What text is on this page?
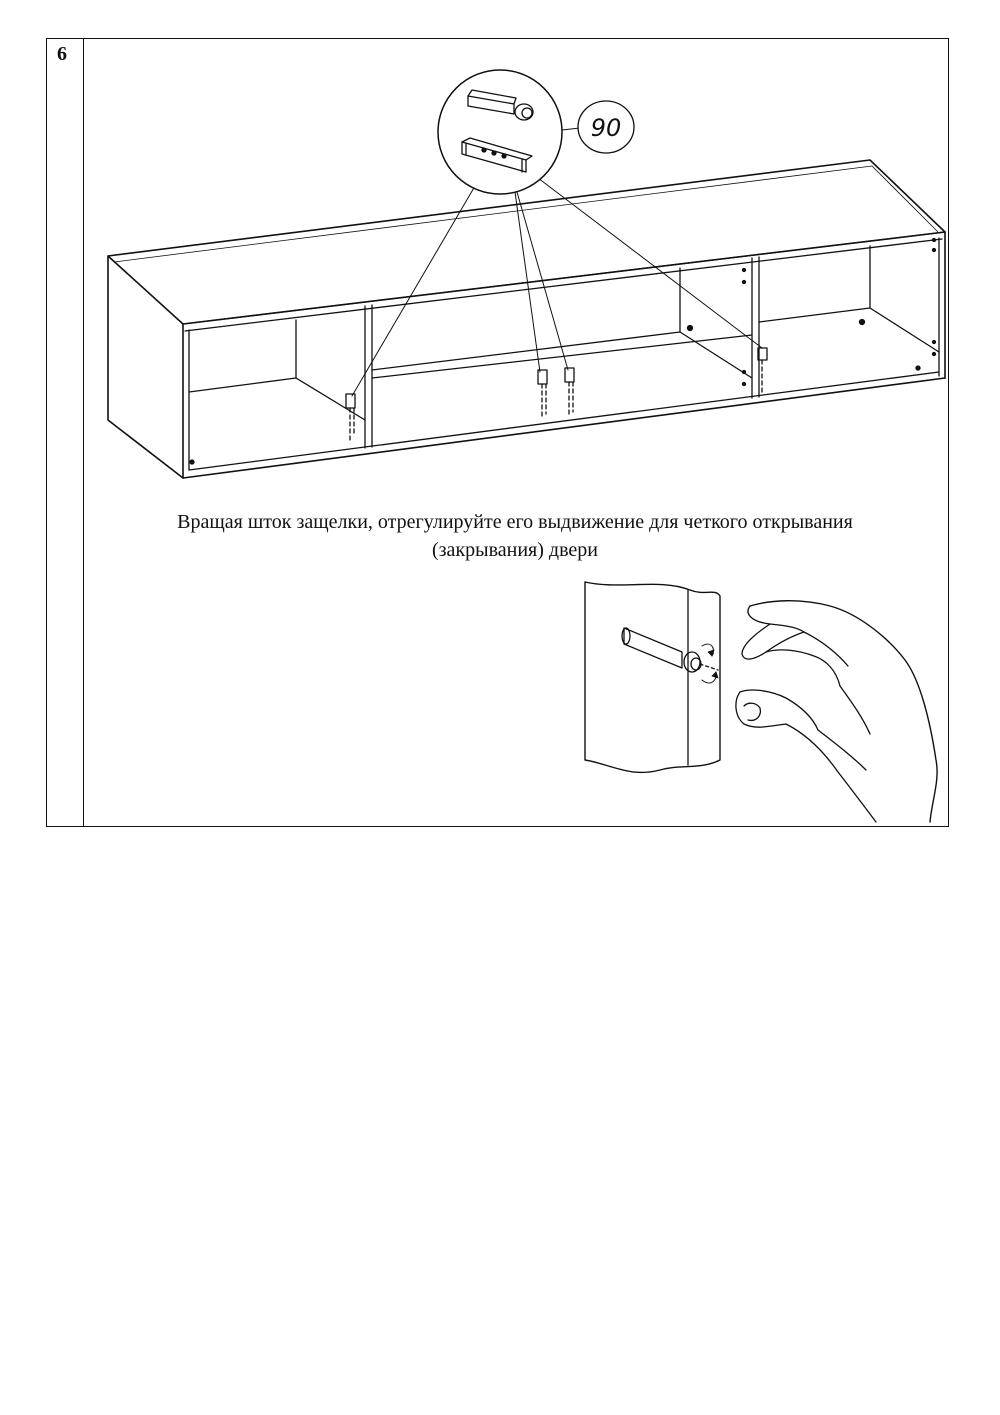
6
90
Вращая шток защелки, отрегулируйте его выдвижение для четкого открывания
(закрывания) двери
